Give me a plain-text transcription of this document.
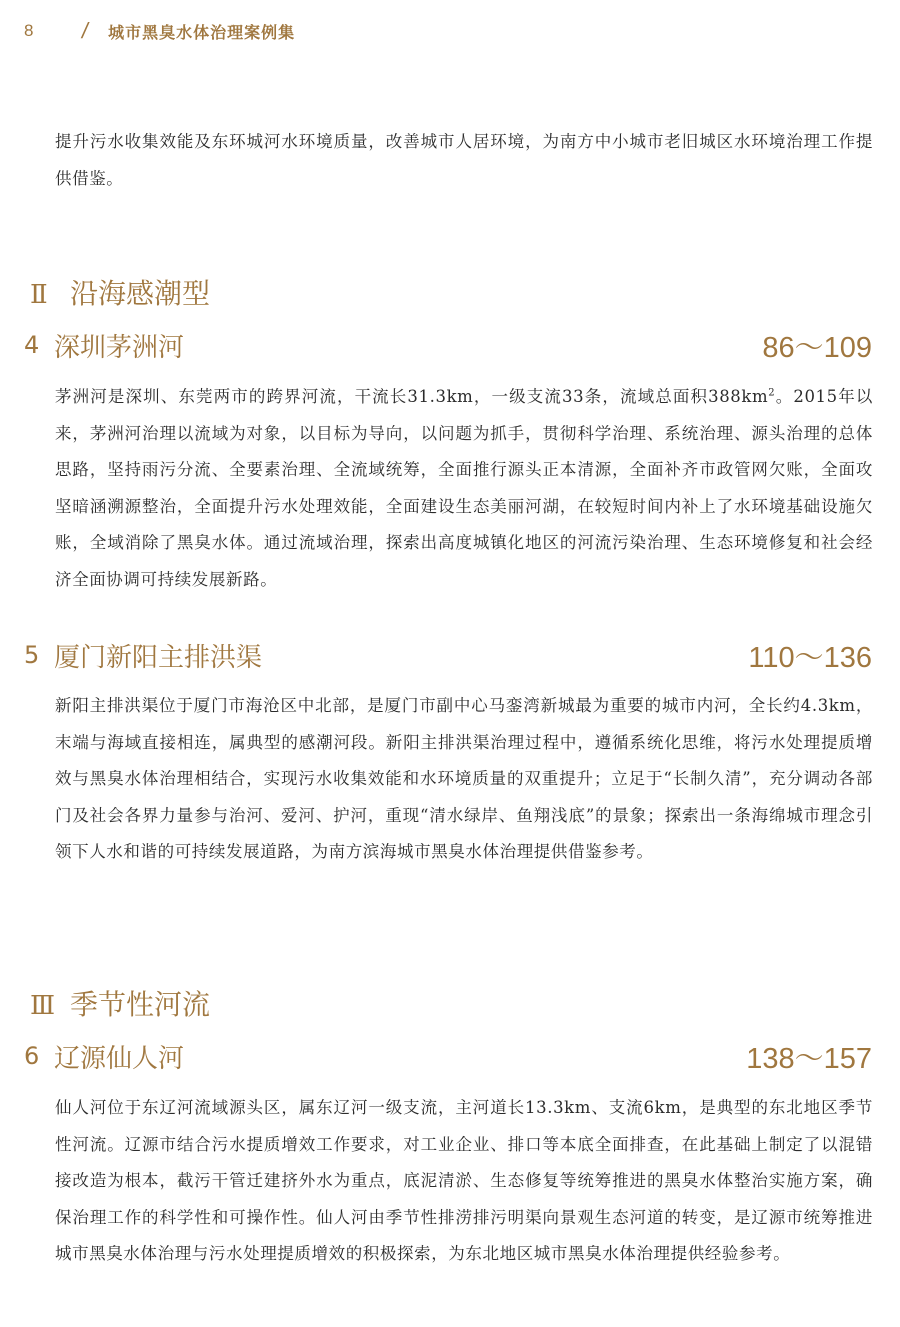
8	/ 城市黑臭水体治理案例集
提升污水收集效能及东环城河水环境质量，改善城市人居环境，为南方中小城市老旧城区水环境治理工作提供借鉴。
Ⅱ 沿海感潮型
4 深圳茅洲河	86～109
茅洲河是深圳、东莞两市的跨界河流，干流长31.3km，一级支流33条，流域总面积$388km^2$。2015年以来，茅洲河治理以流域为对象，以目标为导向，以问题为抓手，贯彻科学治理、系统治理、源头治理的总体思路，坚持雨污分流、全要素治理、全流域统筹，全面推行源头正本清源，全面补齐市政管网欠账，全面攻坚暗涵溯源整治，全面提升污水处理效能，全面建设生态美丽河湖，在较短时间内补上了水环境基础设施欠账，全域消除了黑臭水体。通过流域治理，探索出高度城镇化地区的河流污染治理、生态环境修复和社会经济全面协调可持续发展新路。
5 厦门新阳主排洪渠	110～136
新阳主排洪渠位于厦门市海沧区中北部，是厦门市副中心马銮湾新城最为重要的城市内河，全长约4.3km，末端与海域直接相连，属典型的感潮河段。新阳主排洪渠治理过程中，遵循系统化思维，将污水处理提质增效与黑臭水体治理相结合，实现污水收集效能和水环境质量的双重提升；立足于“长制久清”，充分调动各部门及社会各界力量参与治河、爱河、护河，重现“清水绿岸、鱼翔浅底”的景象；探索出一条海绵城市理念引领下人水和谐的可持续发展道路，为南方滨海城市黑臭水体治理提供借鉴参考。
Ⅲ 季节性河流
6 辽源仙人河	138～157
仙人河位于东辽河流域源头区，属东辽河一级支流，主河道长13.3km、支流6km，是典型的东北地区季节性河流。辽源市结合污水提质增效工作要求，对工业企业、排口等本底全面排查，在此基础上制定了以混错接改造为根本，截污干管迁建挤外水为重点，底泥清淤、生态修复等统筹推进的黑臭水体整治实施方案，确保治理工作的科学性和可操作性。仙人河由季节性排涝排污明渠向景观生态河道的转变，是辽源市统筹推进城市黑臭水体治理与污水处理提质增效的积极探索，为东北地区城市黑臭水体治理提供经验参考。
